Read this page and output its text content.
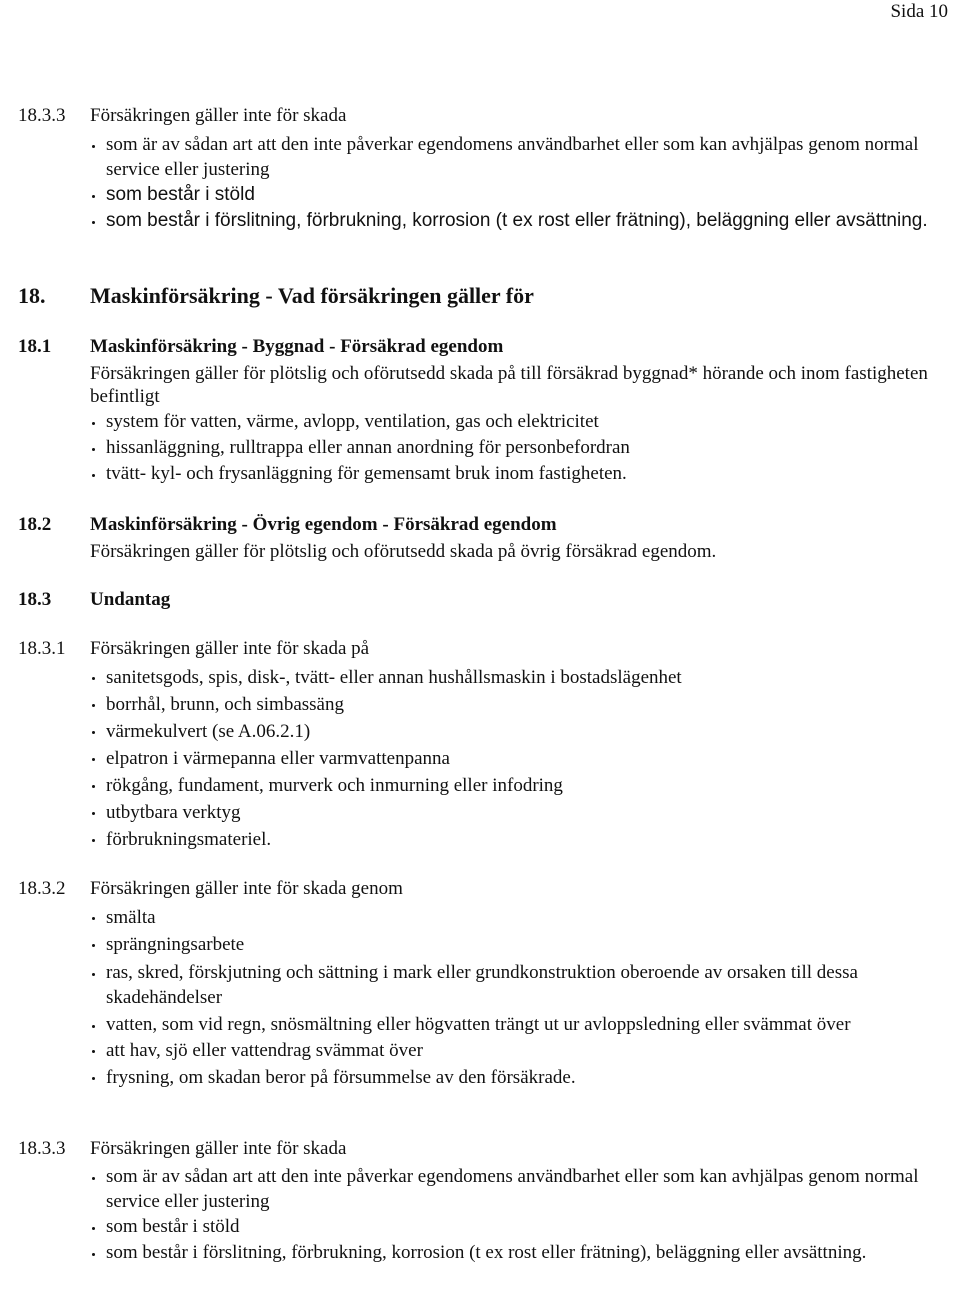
Sida 10
18.3.3 Försäkringen gäller inte för skada
som är av sådan art att den inte påverkar egendomens användbarhet eller som kan avhjälpas genom normal service eller justering
som består i stöld
som består i förslitning, förbrukning, korrosion (t ex rost eller frätning), beläggning eller avsättning.
18. Maskinförsäkring - Vad försäkringen gäller för
18.1 Maskinförsäkring - Byggnad - Försäkrad egendom
Försäkringen gäller för plötslig och oförutsedd skada på till försäkrad byggnad* hörande och inom fastigheten befintligt
system för vatten, värme, avlopp, ventilation, gas och elektricitet
hissanläggning, rulltrappa eller annan anordning för personbefordran
tvätt- kyl- och frysanläggning för gemensamt bruk inom fastigheten.
18.2 Maskinförsäkring - Övrig egendom - Försäkrad egendom
Försäkringen gäller för plötslig och oförutsedd skada på övrig försäkrad egendom.
18.3 Undantag
18.3.1 Försäkringen gäller inte för skada på
sanitetsgods, spis, disk-, tvätt- eller annan hushållsmaskin i bostadslägenhet
borrhål, brunn, och simbassäng
värmekulvert (se A.06.2.1)
elpatron i värmepanna eller varmvattenpanna
rökgång, fundament, murverk och inmurning eller infodring
utbytbara verktyg
förbrukningsmateriel.
18.3.2 Försäkringen gäller inte för skada genom
smälta
sprängningsarbete
ras, skred, förskjutning och sättning i mark eller grundkonstruktion oberoende av orsaken till dessa skadehändelser
vatten, som vid regn, snösmältning eller högvatten trängt ut ur avloppsledning eller svämmat över
att hav, sjö eller vattendrag svämmat över
frysning, om skadan beror på försummelse av den försäkrade.
18.3.3 Försäkringen gäller inte för skada
som är av sådan art att den inte påverkar egendomens användbarhet eller som kan avhjälpas genom normal service eller justering
som består i stöld
som består i förslitning, förbrukning, korrosion (t ex rost eller frätning), beläggning eller avsättning.
